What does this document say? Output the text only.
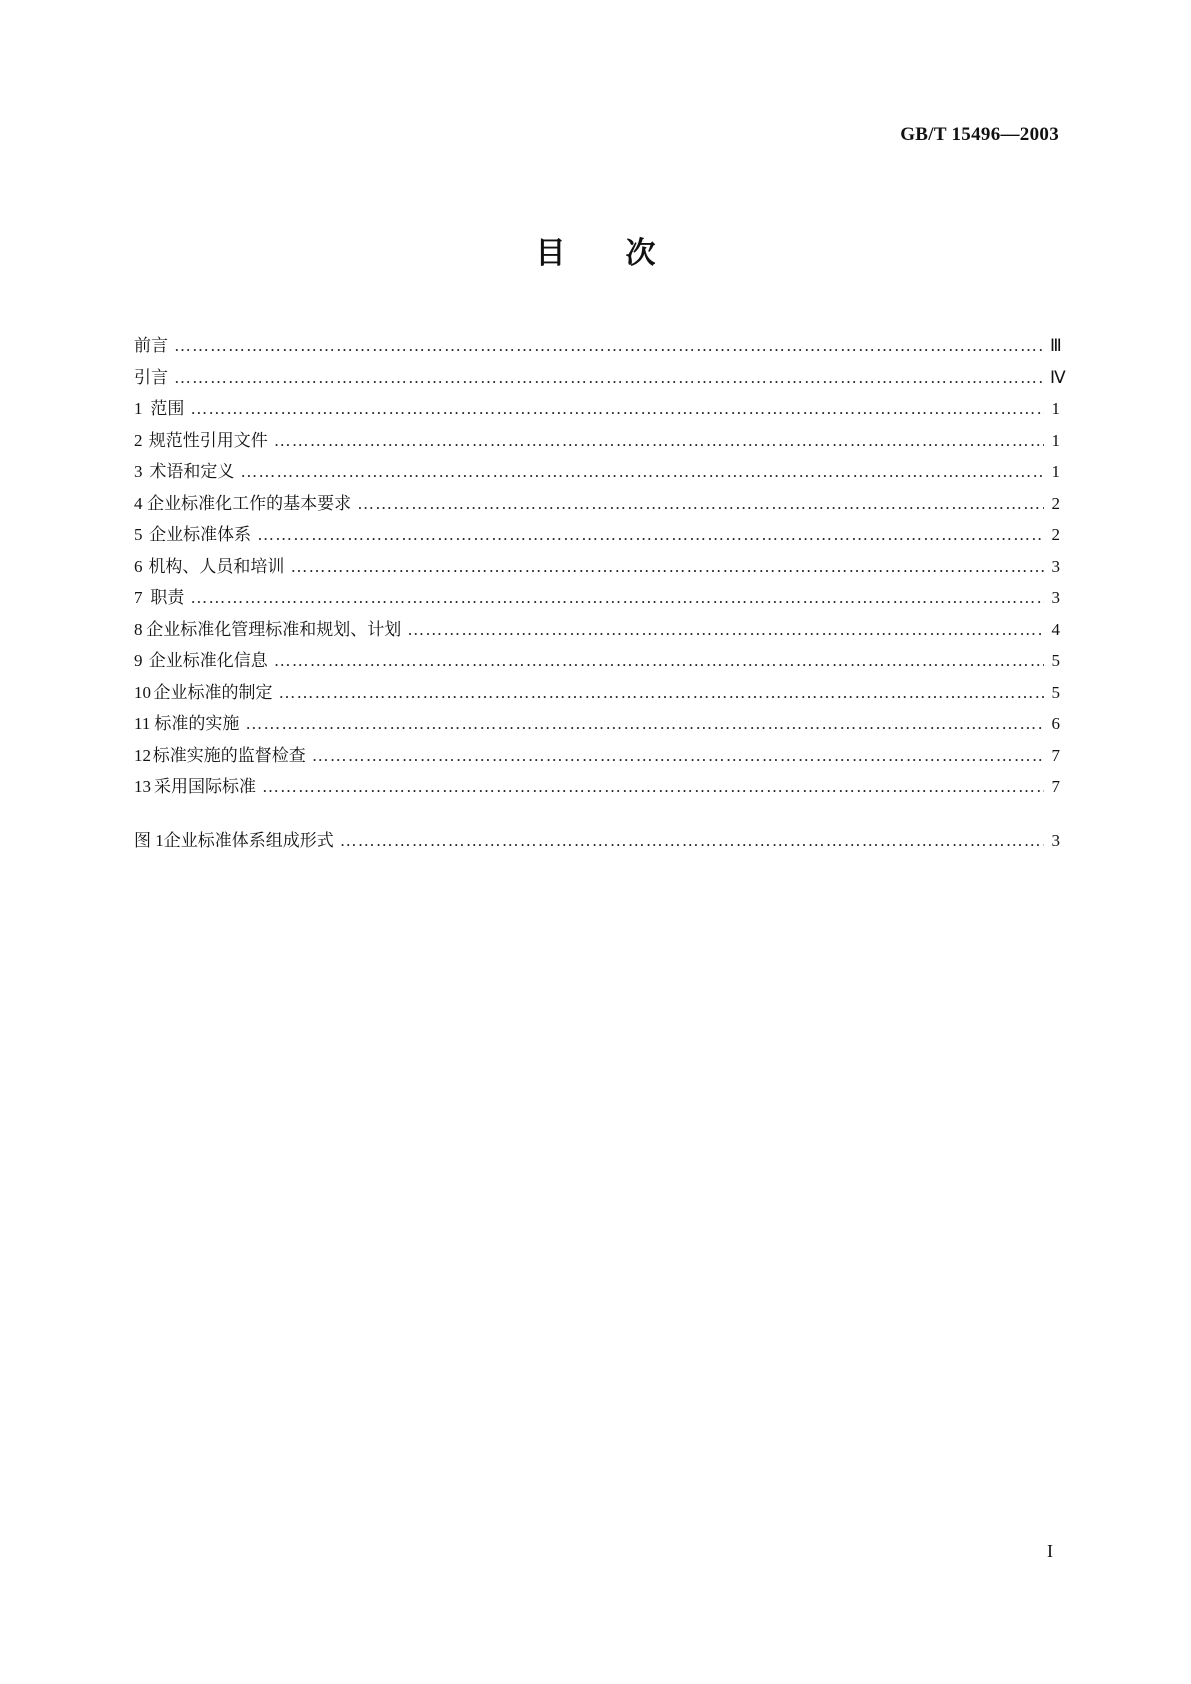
GB/T 15496—2003
目 次
前言 ………………………………………………………………………………………………………………………………………………………………………………………………………………………………………	Ⅲ
引言 ………………………………………………………………………………………………………………………………………………………………………………………………………………………………………	Ⅳ
1 范围 ………………………………………………………………………………………………………………………………………………………………………………………………………………………………………	1
2 规范性引用文件 ………………………………………………………………………………………………………………………………………………………………………………………………………………………………………	1
3 术语和定义 ………………………………………………………………………………………………………………………………………………………………………………………………………………………………………	1
4 企业标准化工作的基本要求 ………………………………………………………………………………………………………………………………………………………………………………………………………………………………………	2
5 企业标准体系 ………………………………………………………………………………………………………………………………………………………………………………………………………………………………………	2
6 机构、人员和培训 ………………………………………………………………………………………………………………………………………………………………………………………………………………………………………	3
7 职责 ………………………………………………………………………………………………………………………………………………………………………………………………………………………………………	3
8 企业标准化管理标准和规划、计划 ………………………………………………………………………………………………………………………………………………………………………………………………………………………………………	4
9 企业标准化信息 ………………………………………………………………………………………………………………………………………………………………………………………………………………………………………	5
10 企业标准的制定 ………………………………………………………………………………………………………………………………………………………………………………………………………………………………………	5
11 标准的实施 ………………………………………………………………………………………………………………………………………………………………………………………………………………………………………	6
12 标准实施的监督检查 ………………………………………………………………………………………………………………………………………………………………………………………………………………………………………	7
13 采用国际标准 ………………………………………………………………………………………………………………………………………………………………………………………………………………………………………	7
图 1 企业标准体系组成形式 ………………………………………………………………………………………………………………………………………………………………………………………………………………………………………	3
I
